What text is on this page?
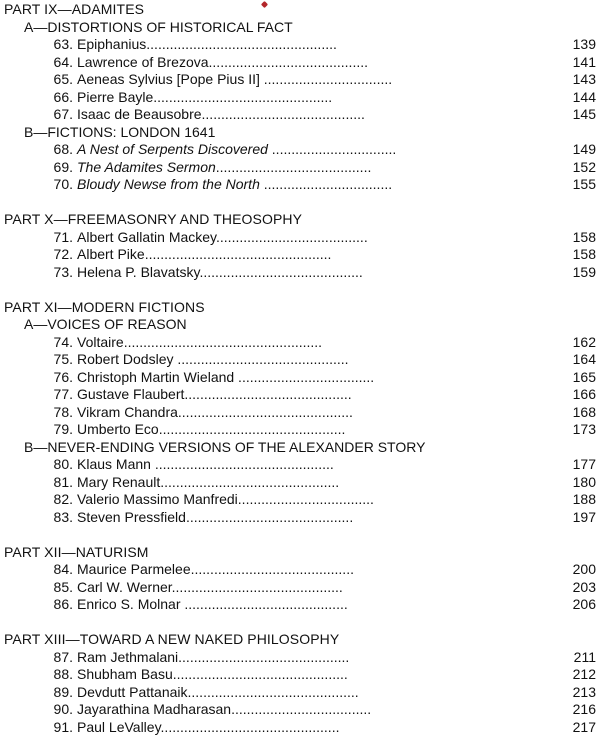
PART IX—ADAMITES
A—DISTORTIONS OF HISTORICAL FACT
63. Epiphanius.................................................	139
64. Lawrence of Brezova.........................................	141
65. Aeneas Sylvius [Pope Pius II] .................................	143
66. Pierre Bayle..............................................	144
67. Isaac de Beausobre..........................................	145
B—FICTIONS: LONDON 1641
68. A Nest of Serpents Discovered ................................	149
69. The Adamites Sermon........................................	152
70. Bloudy Newse from the North .................................	155
PART X—FREEMASONRY AND THEOSOPHY
71. Albert Gallatin Mackey.......................................	158
72. Albert Pike................................................	158
73. Helena P. Blavatsky..........................................	159
PART XI—MODERN FICTIONS
A—VOICES OF REASON
74. Voltaire...................................................	162
75. Robert Dodsley ............................................	164
76. Christoph Martin Wieland ...................................	165
77. Gustave Flaubert...........................................	166
78. Vikram Chandra.............................................	168
79. Umberto Eco................................................	173
B—NEVER-ENDING VERSIONS OF THE ALEXANDER STORY
80. Klaus Mann ..............................................	177
81. Mary Renault..............................................	180
82. Valerio Massimo Manfredi...................................	188
83. Steven Pressfield...........................................	197
PART XII—NATURISM
84. Maurice Parmelee..........................................	200
85. Carl W. Werner............................................	203
86. Enrico S. Molnar ..........................................	206
PART XIII—TOWARD A NEW NAKED PHILOSOPHY
87. Ram Jethmalani............................................	211
88. Shubham Basu.............................................	212
89. Devdutt Pattanaik............................................	213
90. Jayarathina Madharasan....................................	216
91. Paul LeValley..............................................	217
